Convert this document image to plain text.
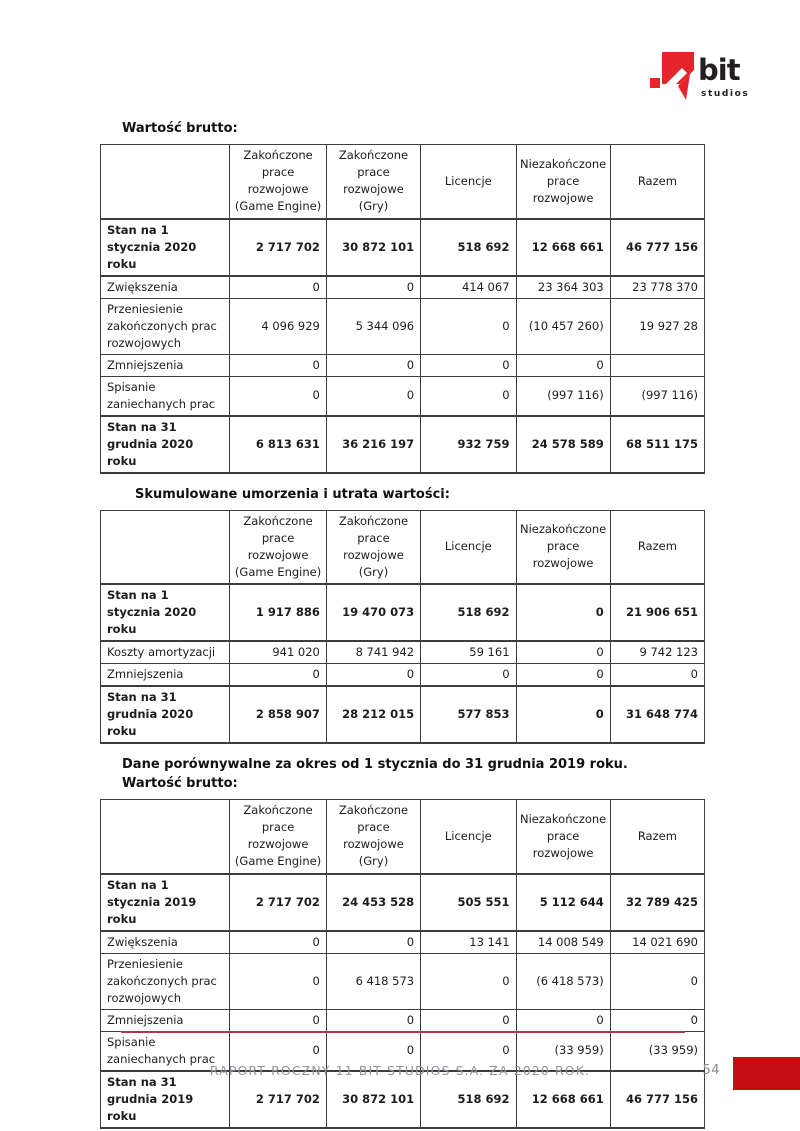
bit
studios
Wartość brutto:
	Zakończone prace rozwojowe (Game Engine)	Zakończone prace rozwojowe (Gry)	Licencje	Niezakończone prace rozwojowe	Razem
Stan na 1 stycznia 2020 roku	2 717 702	30 872 101	518 692	12 668 661	46 777 156
Zwiększenia	0	0	414 067	23 364 303	23 778 370
Przeniesienie zakończonych prac rozwojowych	4 096 929	5 344 096	0	(10 457 260)	19 927 28
Zmniejszenia	0	0	0	0	
Spisanie zaniechanych prac	0	0	0	(997 116)	(997 116)
Stan na 31 grudnia 2020 roku	6 813 631	36 216 197	932 759	24 578 589	68 511 175
Skumulowane umorzenia i utrata wartości:
	Zakończone prace rozwojowe (Game Engine)	Zakończone prace rozwojowe (Gry)	Licencje	Niezakończone prace rozwojowe	Razem
Stan na 1 stycznia 2020 roku	1 917 886	19 470 073	518 692	0	21 906 651
Koszty amortyzacji	941 020	8 741 942	59 161	0	9 742 123
Zmniejszenia	0	0	0	0	0
Stan na 31 grudnia 2020 roku	2 858 907	28 212 015	577 853	0	31 648 774
Dane porównywalne za okres od 1 stycznia do 31 grudnia 2019 roku.
Wartość brutto:
	Zakończone prace rozwojowe (Game Engine)	Zakończone prace rozwojowe (Gry)	Licencje	Niezakończone prace rozwojowe	Razem
Stan na 1 stycznia 2019 roku	2 717 702	24 453 528	505 551	5 112 644	32 789 425
Zwiększenia	0	0	13 141	14 008 549	14 021 690
Przeniesienie zakończonych prac rozwojowych	0	6 418 573	0	(6 418 573)	0
Zmniejszenia	0	0	0	0	0
Spisanie zaniechanych prac	0	0	0	(33 959)	(33 959)
Stan na 31 grudnia 2019 roku	2 717 702	30 872 101	518 692	12 668 661	46 777 156
RAPORT ROCZNY 11 BIT STUDIOS S.A. ZA 2020 ROK.	54
